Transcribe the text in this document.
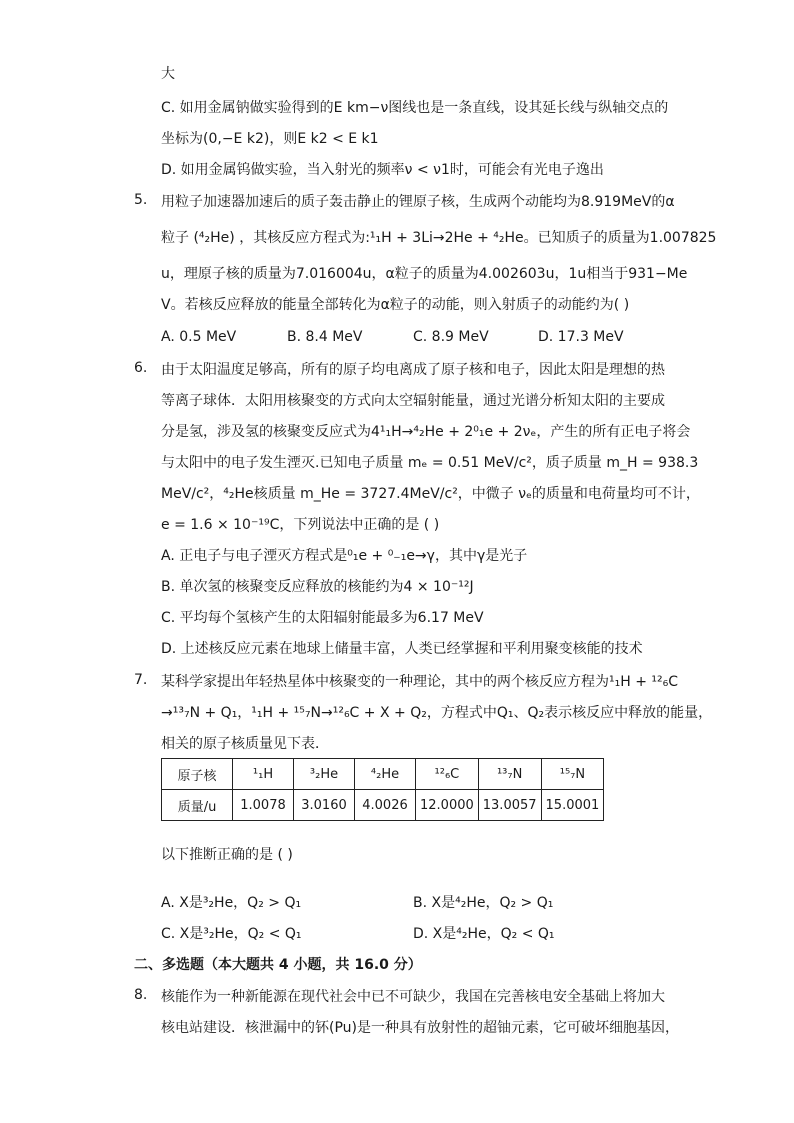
大
C. 如用金属钠做实验得到的E km−ν图线也是一条直线，设其延长线与纵轴交点的
坐标为(0,−E k2)，则E k2 < E k1
D. 如用金属钨做实验，当入射光的频率ν < ν1时，可能会有光电子逸出
5. 用粒子加速器加速后的质子轰击静止的锂原子核，生成两个动能均为8.919MeV的α
粒子 (⁴₂He) ，其核反应方程式为:¹₁H + 3Li→2He + ⁴₂He。已知质子的质量为1.007825
u，理原子核的质量为7.016004u，α粒子的质量为4.002603u，1u相当于931−Me
V。若核反应释放的能量全部转化为α粒子的动能，则入射质子的动能约为( )
A. 0.5 MeV	B. 8.4 MeV	C. 8.9 MeV	D. 17.3 MeV
6. 由于太阳温度足够高，所有的原子均电离成了原子核和电子，因此太阳是理想的热
等离子球体．太阳用核聚变的方式向太空辐射能量，通过光谱分析知太阳的主要成
分是氢，涉及氢的核聚变反应式为4¹₁H→⁴₂He + 2⁰₁e + 2νₑ，产生的所有正电子将会
与太阳中的电子发生湮灭.已知电子质量 mₑ = 0.51 MeV/c²，质子质量 m_H = 938.3
MeV/c²，⁴₂He核质量 m_He = 3727.4MeV/c²，中微子 νₑ的质量和电荷量均可不计，
e = 1.6 × 10⁻¹⁹C，下列说法中正确的是 ( )
A. 正电子与电子湮灭方程式是⁰₁e + ⁰₋₁e→γ，其中γ是光子
B. 单次氢的核聚变反应释放的核能约为4 × 10⁻¹²J
C. 平均每个氢核产生的太阳辐射能最多为6.17 MeV
D. 上述核反应元素在地球上储量丰富，人类已经掌握和平利用聚变核能的技术
7. 某科学家提出年轻热星体中核聚变的一种理论，其中的两个核反应方程为¹₁H + ¹²₆C
→¹³₇N + Q₁，¹₁H + ¹⁵₇N→¹²₆C + X + Q₂，方程式中Q₁、Q₂表示核反应中释放的能量，
相关的原子核质量见下表．
原子核	¹₁H	³₂He	⁴₂He	¹²₆C	¹³₇N	¹⁵₇N
质量/u	1.0078	3.0160	4.0026	12.0000	13.0057	15.0001
以下推断正确的是 ( )
A. X是³₂He，Q₂ > Q₁	B. X是⁴₂He，Q₂ > Q₁
C. X是³₂He，Q₂ < Q₁	D. X是⁴₂He，Q₂ < Q₁
二、多选题（本大题共 4 小题，共 16.0 分）
8. 核能作为一种新能源在现代社会中已不可缺少，我国在完善核电安全基础上将加大
核电站建设．核泄漏中的钚(Pu)是一种具有放射性的超铀元素，它可破坏细胞基因，
